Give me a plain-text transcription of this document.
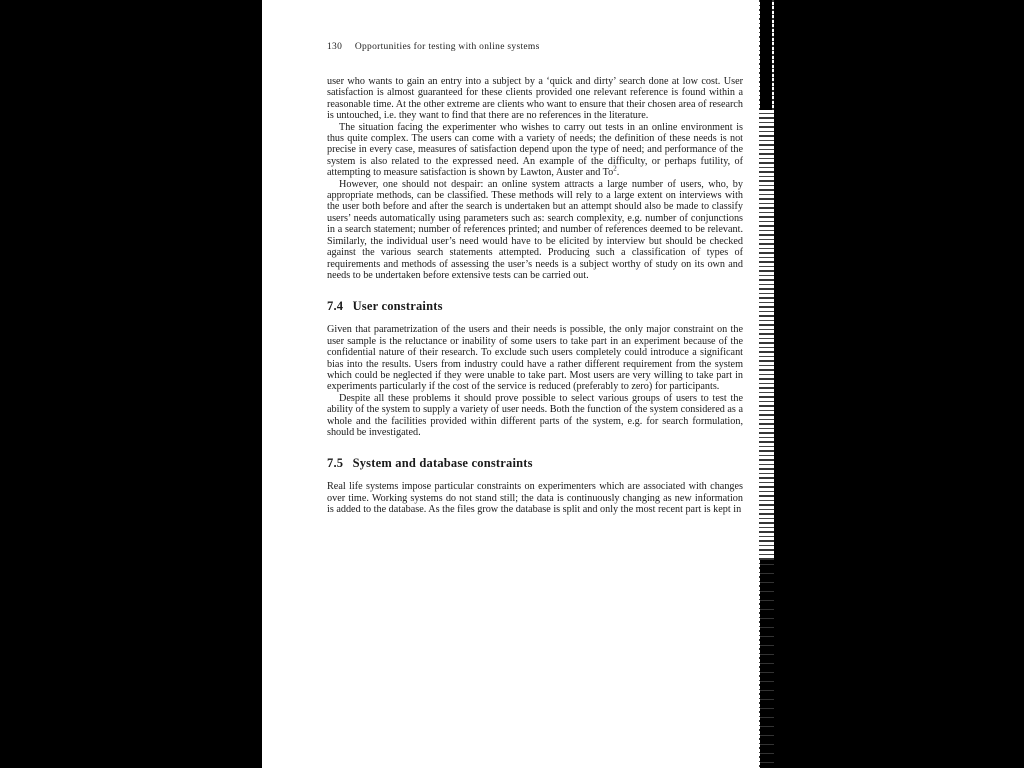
130 Opportunities for testing with online systems

user who wants to gain an entry into a subject by a ‘quick and dirty’ search done at low cost. User satisfaction is almost guaranteed for these clients provided one relevant reference is found within a reasonable time. At the other extreme are clients who want to ensure that their chosen area of research is untouched, i.e. they want to find that there are no references in the literature.

The situation facing the experimenter who wishes to carry out tests in an online environment is thus quite complex. The users can come with a variety of needs; the definition of these needs is not precise in every case, measures of satisfaction depend upon the type of need; and performance of the system is also related to the expressed need. An example of the difficulty, or perhaps futility, of attempting to measure satisfaction is shown by Lawton, Auster and To$^2$.

However, one should not despair: an online system attracts a large number of users, who, by appropriate methods, can be classified. These methods will rely to a large extent on interviews with the user both before and after the search is undertaken but an attempt should also be made to classify users’ needs automatically using parameters such as: search complexity, e.g. number of conjunctions in a search statement; number of references printed; and number of references deemed to be relevant. Similarly, the individual user’s need would have to be elicited by interview but should be checked against the various search statements attempted. Producing such a classification of types of requirements and methods of assessing the user’s needs is a subject worthy of study on its own and needs to be undertaken before extensive tests can be carried out.

7.4 User constraints

Given that parametrization of the users and their needs is possible, the only major constraint on the user sample is the reluctance or inability of some users to take part in an experiment because of the confidential nature of their research. To exclude such users completely could introduce a significant bias into the results. Users from industry could have a rather different requirement from the system which could be neglected if they were unable to take part. Most users are very willing to take part in experiments particularly if the cost of the service is reduced (preferably to zero) for participants.

Despite all these problems it should prove possible to select various groups of users to test the ability of the system to supply a variety of user needs. Both the function of the system considered as a whole and the facilities provided within different parts of the system, e.g. for search formulation, should be investigated.

7.5 System and database constraints

Real life systems impose particular constraints on experimenters which are associated with changes over time. Working systems do not stand still; the data is continuously changing as new information is added to the database. As the files grow the database is split and only the most recent part is kept in
